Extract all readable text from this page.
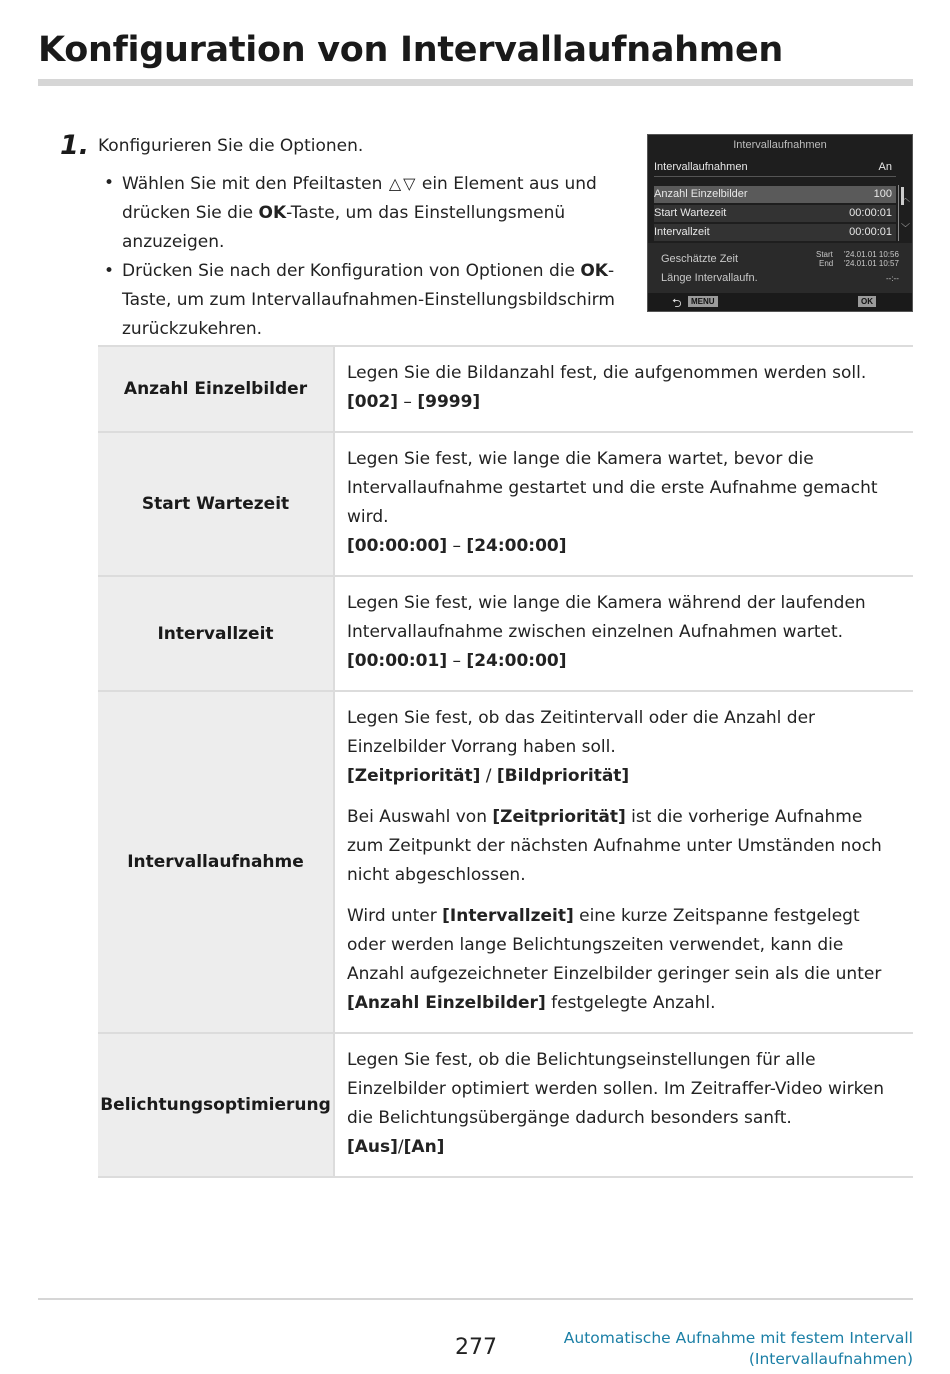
Konfiguration von Intervallaufnahmen
1. Konfigurieren Sie die Optionen.
• Wählen Sie mit den Pfeiltasten △ ▽ ein Element aus und drücken Sie die OK-Taste, um das Einstellungsmenü anzuzeigen.
• Drücken Sie nach der Konfiguration von Optionen die OK-Taste, um zum Intervallaufnahmen-Einstellungsbildschirm zurückzukehren.
Intervallaufnahmen
Intervallaufnahmen	An
Anzahl Einzelbilder	100
Start Wartezeit	00:00:01
Intervallzeit	00:00:01
︿
﹀
Geschätzte Zeit
Länge Intervallaufn.
Start
End
'24.01.01 10:56
'24.01.01 10:57
--:--
⮌	MENU	OK
Anzahl Einzelbilder	Legen Sie die Bildanzahl fest, die aufgenommen werden soll.

[002] – [9999]

Start Wartezeit	Legen Sie fest, wie lange die Kamera wartet, bevor die Intervallaufnahme gestartet und die erste Aufnahme gemacht wird.

[00:00:00] – [24:00:00]

Intervallzeit	Legen Sie fest, wie lange die Kamera während der laufenden Intervallaufnahme zwischen einzelnen Aufnahmen wartet.

[00:00:01] – [24:00:00]

Intervallaufnahme	Legen Sie fest, ob das Zeitintervall oder die Anzahl der Einzelbilder Vorrang haben soll.

[Zeitpriorität] / [Bildpriorität]

Bei Auswahl von [Zeitpriorität] ist die vorherige Aufnahme zum Zeitpunkt der nächsten Aufnahme unter Umständen noch nicht abgeschlossen.

Wird unter [Intervallzeit] eine kurze Zeitspanne festgelegt oder werden lange Belichtungszeiten verwendet, kann die Anzahl aufgezeichneter Einzelbilder geringer sein als die unter [Anzahl Einzelbilder] festgelegte Anzahl.

Belichtungsoptimierung	Legen Sie fest, ob die Belichtungseinstellungen für alle Einzelbilder optimiert werden sollen. Im Zeitraffer-Video wirken die Belichtungsübergänge dadurch besonders sanft.

[Aus]/[An]

277	Automatische Aufnahme mit festem Intervall
(Intervallaufnahmen)
